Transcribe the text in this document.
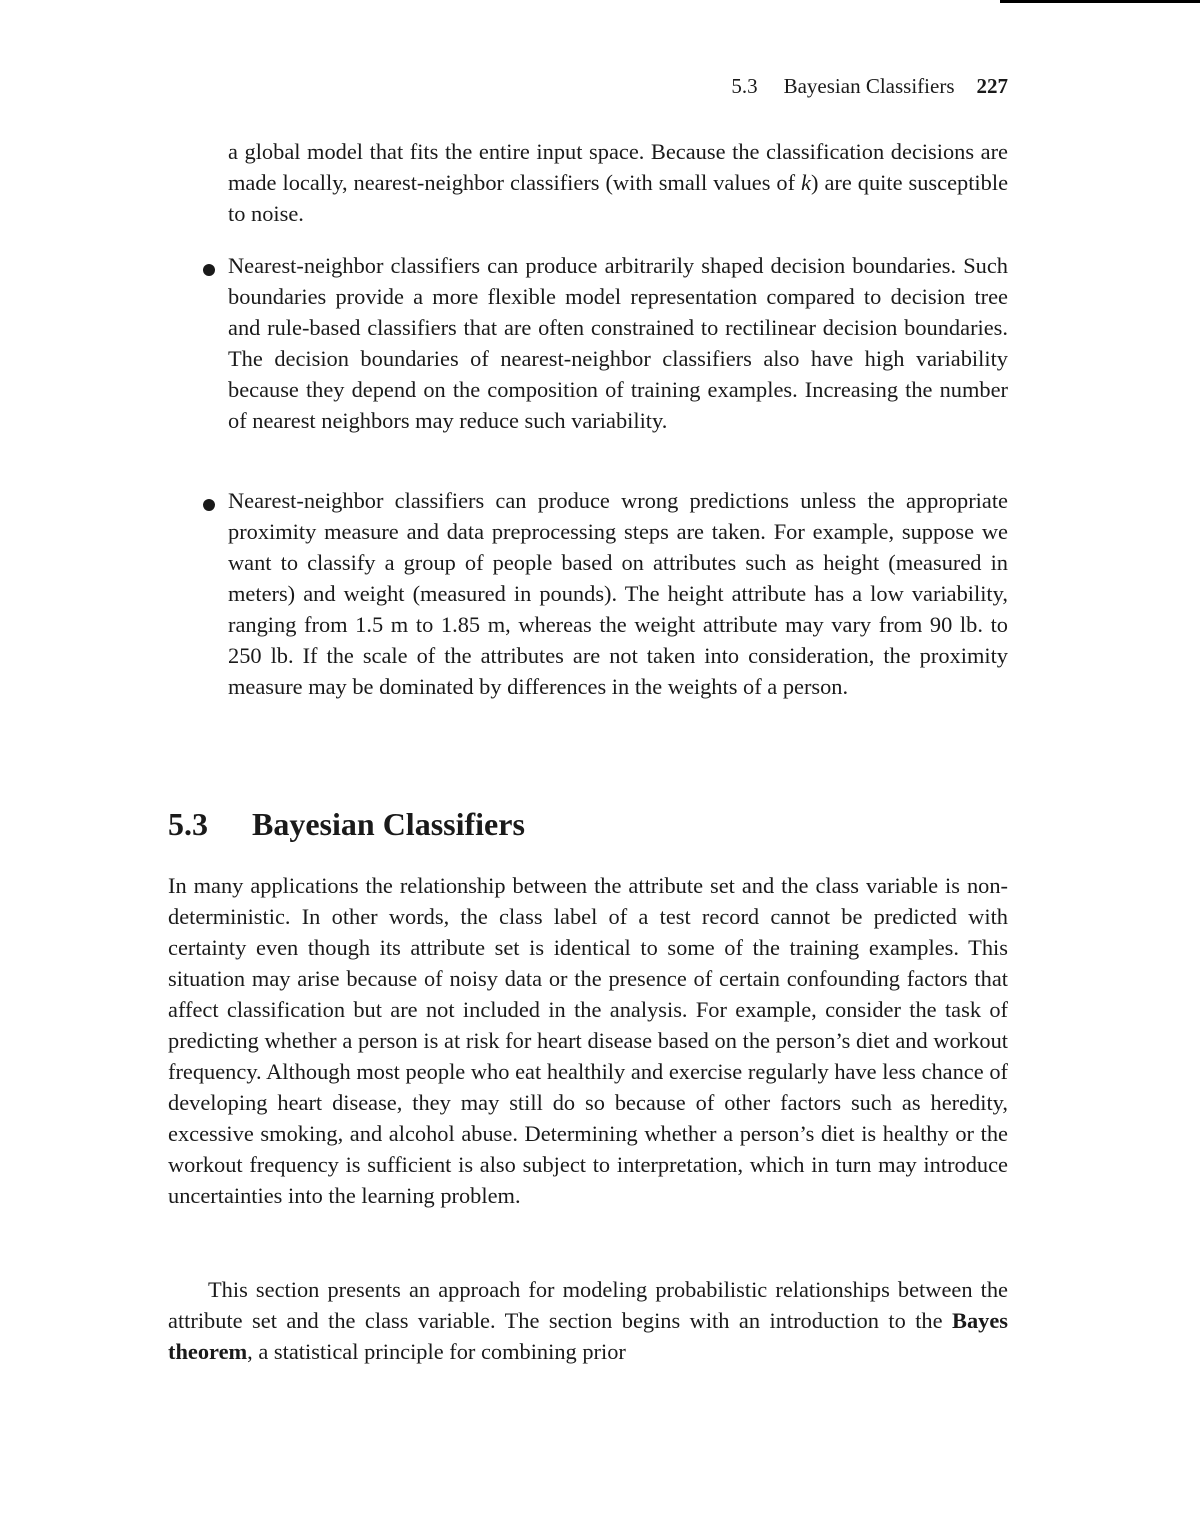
5.3 Bayesian Classifiers 227

a global model that fits the entire input space. Because the classification decisions are made locally, nearest-neighbor classifiers (with small values of k) are quite susceptible to noise.

Nearest-neighbor classifiers can produce arbitrarily shaped decision boundaries. Such boundaries provide a more flexible model representation compared to decision tree and rule-based classifiers that are often constrained to rectilinear decision boundaries. The decision boundaries of nearest-neighbor classifiers also have high variability because they depend on the composition of training examples. Increasing the number of nearest neighbors may reduce such variability.

Nearest-neighbor classifiers can produce wrong predictions unless the appropriate proximity measure and data preprocessing steps are taken. For example, suppose we want to classify a group of people based on attributes such as height (measured in meters) and weight (measured in pounds). The height attribute has a low variability, ranging from 1.5 m to 1.85 m, whereas the weight attribute may vary from 90 lb. to 250 lb. If the scale of the attributes are not taken into consideration, the proximity measure may be dominated by differences in the weights of a person.

5.3 Bayesian Classifiers

In many applications the relationship between the attribute set and the class variable is non-deterministic. In other words, the class label of a test record cannot be predicted with certainty even though its attribute set is identical to some of the training examples. This situation may arise because of noisy data or the presence of certain confounding factors that affect classification but are not included in the analysis. For example, consider the task of predicting whether a person is at risk for heart disease based on the person’s diet and workout frequency. Although most people who eat healthily and exercise regularly have less chance of developing heart disease, they may still do so because of other factors such as heredity, excessive smoking, and alcohol abuse. Determining whether a person’s diet is healthy or the workout frequency is sufficient is also subject to interpretation, which in turn may introduce uncertainties into the learning problem.

This section presents an approach for modeling probabilistic relationships between the attribute set and the class variable. The section begins with an introduction to the Bayes theorem, a statistical principle for combining prior
